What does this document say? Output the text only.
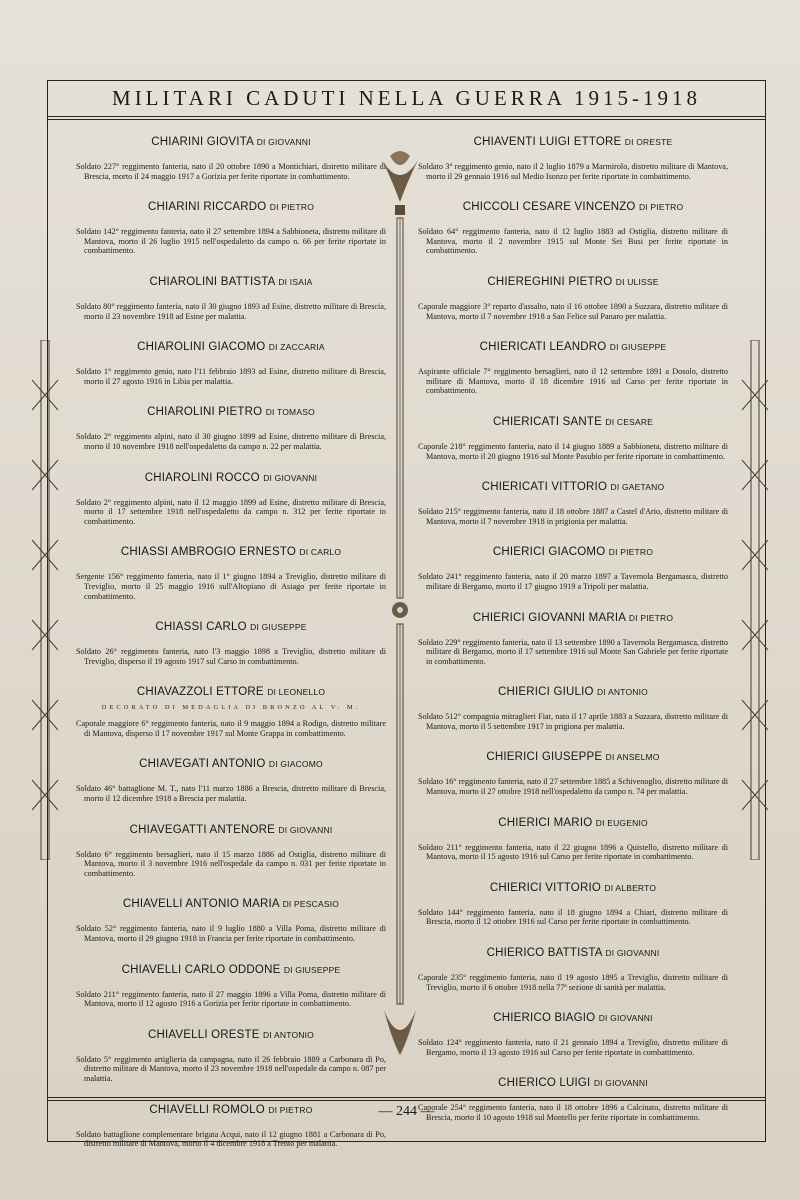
MILITARI CADUTI NELLA GUERRA 1915-1918
CHIARINI GIOVITA DI GIOVANNI
Soldato 227° reggimento fanteria, nato il 20 ottobre 1890 a Montichiari, distretto militare di Brescia, morto il 24 maggio 1917 a Gorizia per ferite riportate in combattimento.
CHIARINI RICCARDO DI PIETRO
Soldato 142° reggimento fanteria, nato il 27 settembre 1894 a Sabbioneta, distretto militare di Mantova, morto il 26 luglio 1915 nell'ospedaletto da campo n. 66 per ferite riportate in combattimento.
CHIAROLINI BATTISTA DI ISAIA
Soldato 80° reggimento fanteria, nato il 30 giugno 1893 ad Esine, distretto militare di Brescia, morto il 23 novembre 1918 ad Esine per malattia.
CHIAROLINI GIACOMO DI ZACCARIA
Soldato 1° reggimento genio, nato l'11 febbraio 1893 ad Esine, distretto militare di Brescia, morto il 27 agosto 1916 in Libia per malattia.
CHIAROLINI PIETRO DI TOMASO
Soldato 2° reggimento alpini, nato il 30 giugno 1899 ad Esine, distretto militare di Brescia, morto il 10 novembre 1918 nell'ospedaletto da campo n. 22 per malattia.
CHIAROLINI ROCCO DI GIOVANNI
Soldato 2° reggimento alpini, nato il 12 maggio 1899 ad Esine, distretto militare di Brescia, morto il 17 settembre 1918 nell'ospedaletto da campo n. 312 per ferite riportate in combattimento.
CHIASSI AMBROGIO ERNESTO DI CARLO
Sergente 156° reggimento fanteria, nato il 1° giugno 1894 a Treviglio, distretto militare di Treviglio, morto il 25 maggio 1916 sull'Altopiano di Asiago per ferite riportate in combattimento.
CHIASSI CARLO DI GIUSEPPE
Soldato 26° reggimento fanteria, nato l'3 maggio 1898 a Treviglio, distretto militare di Treviglio, disperso il 19 agosto 1917 sul Carso in combattimento.
CHIAVAZZOLI ETTORE DI LEONELLO
DECORATO DI MEDAGLIA DI BRONZO AL V. M.
Caporale maggiore 6° reggimento fanteria, nato il 9 maggio 1894 a Rodigo, distretto militare di Mantova, disperso il 17 novembre 1917 sul Monte Grappa in combattimento.
CHIAVEGATI ANTONIO DI GIACOMO
Soldato 46° battaglione M. T., nato l'11 marzo 1886 a Brescia, distretto militare di Brescia, morto il 12 dicembre 1918 a Brescia per malattia.
CHIAVEGATTI ANTENORE DI GIOVANNI
Soldato 6° reggimento bersaglieri, nato il 15 marzo 1886 ad Ostiglia, distretto militare di Mantova, morto il 3 novembre 1916 nell'ospedale da campo n. 031 per ferite riportate in combattimento.
CHIAVELLI ANTONIO MARIA DI PESCASIO
Soldato 52° reggimento fanteria, nato il 9 luglio 1880 a Villa Poma, distretto militare di Mantova, morto il 29 giugno 1918 in Francia per ferite riportate in combattimento.
CHIAVELLI CARLO ODDONE DI GIUSEPPE
Soldato 211° reggimento fanteria, nato il 27 maggio 1896 a Villa Poma, distretto militare di Mantova, morto il 12 agosto 1916 a Gorizia per ferite riportate in combattimento.
CHIAVELLI ORESTE DI ANTONIO
Soldato 5° reggimento artiglieria da campagna, nato il 26 febbraio 1889 a Carbonara di Po, distretto militare di Mantova, morto il 23 novembre 1918 nell'ospedale da campo n. 087 per malattia.
CHIAVELLI ROMOLO DI PIETRO
Soldato battaglione complementare brigata Acqui, nato il 12 giugno 1881 a Carbonara di Po, distretto militare di Mantova, morto il 4 dicembre 1918 a Trento per malattia.
CHIAVENTI LUIGI ETTORE DI ORESTE
Soldato 3° reggimento genio, nato il 2 luglio 1879 a Marmirolo, distretto militare di Mantova, morto il 29 gennaio 1916 sul Medio Isonzo per ferite riportate in combattimento.
CHICCOLI CESARE VINCENZO DI PIETRO
Soldato 64° reggimento fanteria, nato il 12 luglio 1883 ad Ostiglia, distretto militare di Mantova, morto il 2 novembre 1915 sul Monte Sei Busi per ferite riportate in combattimento.
CHIEREGHINI PIETRO DI ULISSE
Caporale maggiore 3° reparto d'assalto, nato il 16 ottobre 1890 a Suzzara, distretto militare di Mantova, morto il 7 novembre 1918 a San Felice sul Panaro per malattia.
CHIERICATI LEANDRO DI GIUSEPPE
Aspirante ufficiale 7° reggimento bersaglieri, nato il 12 settembre 1891 a Dosolo, distretto militare di Mantova, morto il 18 dicembre 1916 sul Carso per ferite riportate in combattimento.
CHIERICATI SANTE DI CESARE
Caporale 218° reggimento fanteria, nato il 14 giugno 1889 a Sabbioneta, distretto militare di Mantova, morto il 20 giugno 1916 sul Monte Pasubio per ferite riportate in combattimento.
CHIERICATI VITTORIO DI GAETANO
Soldato 215° reggimento fanteria, nato il 18 ottobre 1887 a Castel d'Ario, distretto militare di Mantova, morto il 7 novembre 1918 in prigionia per malattia.
CHIERICI GIACOMO DI PIETRO
Soldato 241° reggimento fanteria, nato il 20 marzo 1897 a Tavernola Bergamasca, distretto militare di Bergamo, morto il 17 giugno 1919 a Tripoli per malattia.
CHIERICI GIOVANNI MARIA DI PIETRO
Soldato 229° reggimento fanteria, nato il 13 settembre 1890 a Tavernola Bergamasca, distretto militare di Bergamo, morto il 17 settembre 1916 sul Monte San Gabriele per ferite riportate in combattimento.
CHIERICI GIULIO DI ANTONIO
Soldato 512° compagnia mitraglieri Fiat, nato il 17 aprile 1883 a Suzzara, distretto militare di Mantova, morto il 5 settembre 1917 in prigiona per malattia.
CHIERICI GIUSEPPE DI ANSELMO
Soldato 16° reggimento fanteria, nato il 27 settembre 1885 a Schivenoglio, distretto militare di Mantova, morto il 27 ottobre 1918 nell'ospedaletto da campo n. 74 per malattia.
CHIERICI MARIO DI EUGENIO
Soldato 211° reggimento fanteria, nato il 22 giugno 1896 a Quistello, distretto militare di Mantova, morto il 15 agosto 1916 sul Carso per ferite riportate in combattimento.
CHIERICI VITTORIO DI ALBERTO
Soldato 144° reggimento fanteria, nato il 18 giugno 1894 a Chiari, distretto militare di Brescia, morto il 12 ottobre 1916 sul Carso per ferite riportate in combattimento.
CHIERICO BATTISTA DI GIOVANNI
Caporale 235° reggimento fanteria, nato il 19 agosto 1895 a Treviglio, distretto militare di Treviglio, morto il 6 ottobre 1918 nella 77ª sezione di sanità per malattia.
CHIERICO BIAGIO DI GIOVANNI
Soldato 124° reggimento fanteria, nato il 21 gennaio 1894 a Treviglio, distretto militare di Bergamo, morto il 13 agosto 1916 sul Carso per ferite riportate in combattimento.
CHIERICO LUIGI DI GIOVANNI
Caporale 254° reggimento fanteria, nato il 18 ottobre 1896 a Calcinato, distretto militare di Brescia, morto il 10 agosto 1918 sul Montello per ferite riportate in combattimento.
— 244 —
